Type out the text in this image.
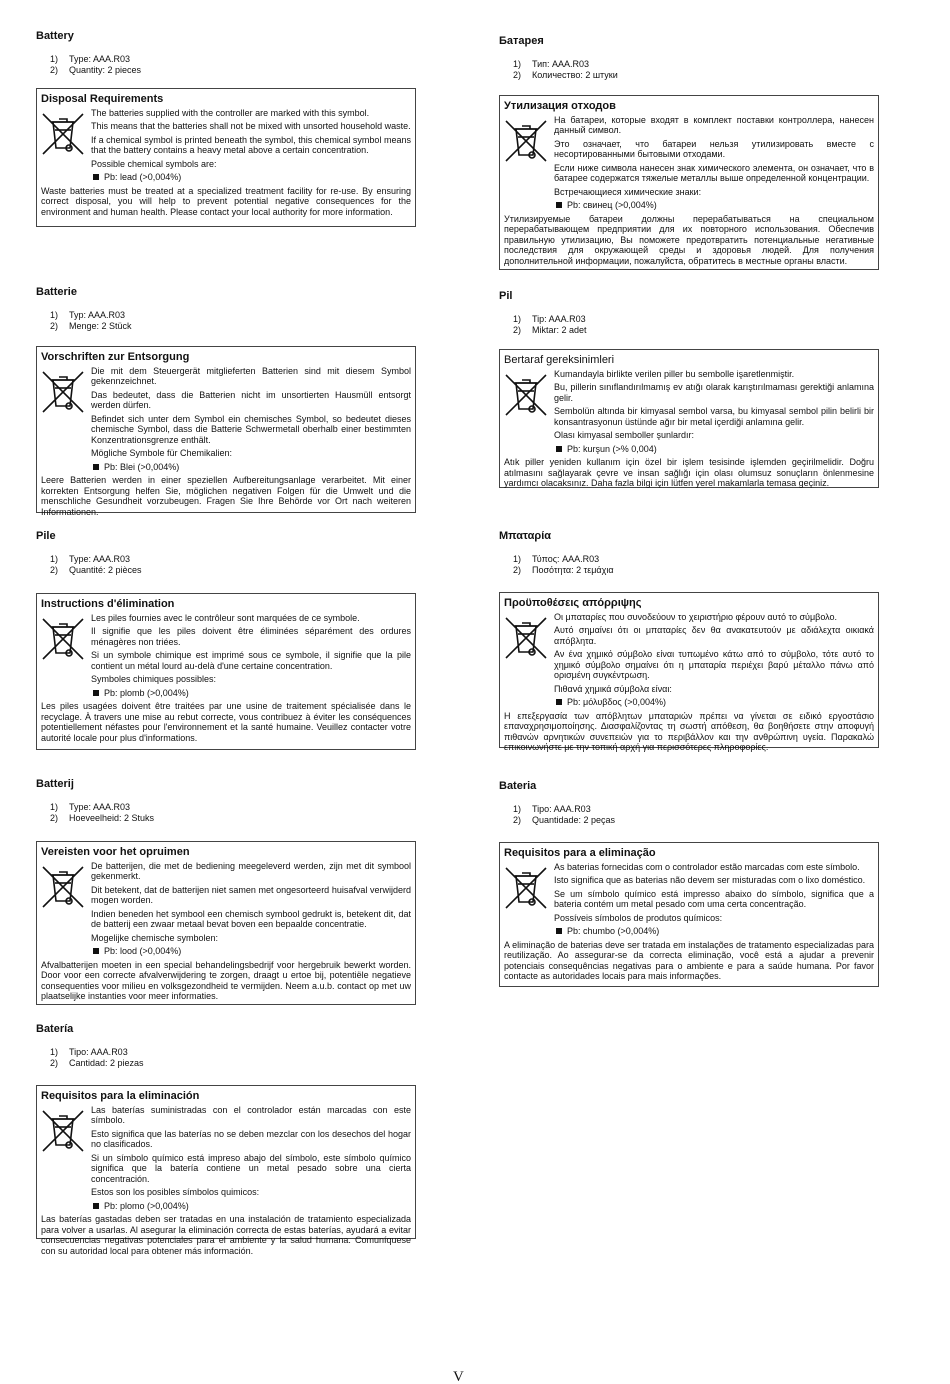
Battery
1)	Type: AAA.R03
2)	Quantity: 2 pieces
Disposal Requirements
The batteries supplied with the controller are marked with this symbol.
This means that the batteries shall not be mixed with unsorted household waste.
If a chemical symbol is printed beneath the symbol, this chemical symbol means that the battery contains a heavy metal above a certain concentration.
Possible chemical symbols are:
Pb: lead (>0,004%)
Waste batteries must be treated at a specialized treatment facility for re-use. By ensuring correct disposal, you will help to prevent potential negative consequences for the environment and human health. Please contact your local authority for more information.
Batterie
1)	Typ: AAA.R03
2)	Menge: 2 Stück
Vorschriften zur Entsorgung
Die mit dem Steuergerät mitglieferten Batterien sind mit diesem Symbol gekennzeichnet.
Das bedeutet, dass die Batterien nicht im unsortierten Hausmüll entsorgt werden dürfen.
Befindet sich unter dem Symbol ein chemisches Symbol, so bedeutet dieses chemische Symbol, dass die Batterie Schwermetall oberhalb einer bestimmten Konzentrationsgrenze enthält.
Mögliche Symbole für Chemikalien:
Pb: Blei (>0,004%)
Leere Batterien werden in einer speziellen Aufbereitungsanlage verarbeitet. Mit einer korrekten Entsorgung helfen Sie, möglichen negativen Folgen für die Umwelt und die menschliche Gesundheit vorzubeugen. Fragen Sie Ihre Behörde vor Ort nach weiteren Informationen.
Pile
1)	Type: AAA.R03
2)	Quantité: 2 pièces
Instructions d'élimination
Les piles fournies avec le contrôleur sont marquées de ce symbole.
Il signifie que les piles doivent être éliminées séparément des ordures ménagères non triées.
Si un symbole chimique est imprimé sous ce symbole, il signifie que la pile contient un métal lourd au-delà d'une certaine concentration.
Symboles chimiques possibles:
Pb: plomb (>0,004%)
Les piles usagées doivent être traitées par une usine de traitement spécialisée dans le recyclage. À travers une mise au rebut correcte, vous contribuez à éviter les conséquences potentiellement néfastes pour l'environnement et la santé humaine. Veuillez contacter votre autorité locale pour plus d'informations.
Batterij
1)	Type: AAA.R03
2)	Hoeveelheid: 2 Stuks
Vereisten voor het opruimen
De batterijen, die met de bediening meegeleverd werden, zijn met dit symbool gekenmerkt.
Dit betekent, dat de batterijen niet samen met ongesorteerd huisafval verwijderd mogen worden.
Indien beneden het symbool een chemisch symbool gedrukt is, betekent dit, dat de batterij een zwaar metaal bevat boven een bepaalde concentratie.
Mogelijke chemische symbolen:
Pb: lood (>0,004%)
Afvalbatterijen moeten in een special behandelingsbedrijf voor hergebruik bewerkt worden. Door voor een correcte afvalverwijdering te zorgen, draagt u ertoe bij, potentiële negatieve consequenties voor milieu en volksgezondheid te vermijden. Neem a.u.b. contact op met uw plaatselijke instanties voor meer informaties.
Batería
1)	Tipo: AAA.R03
2)	Cantidad: 2 piezas
Requisitos para la eliminación
Las baterías suministradas con el controlador están marcadas con este símbolo.
Esto significa que las baterías no se deben mezclar con los desechos del hogar no clasificados.
Si un símbolo químico está impreso abajo del símbolo, este símbolo químico significa que la batería contiene un metal pesado sobre una cierta concentración.
Estos son los posibles símbolos quimicos:
Pb: plomo (>0,004%)
Las baterías gastadas deben ser tratadas en una instalación de tratamiento especializada para volver a usarlas. Al asegurar la eliminación correcta de estas baterías, ayudará a evitar consecuencias negativas potenciales para el ambiente y la salud humana. Comuníquese con su autoridad local para obtener más información.
Батарея
1)	Тип: AAA.R03
2)	Количество: 2 штуки
Утилизация отходов
На батареи, которые входят в комплект поставки контроллера, нанесен данный символ.
Это означает, что батареи нельзя утилизировать вместе с несортированными бытовыми отходами.
Если ниже символа нанесен знак химического элемента, он означает, что в батарее содержатся тяжелые металлы выше определенной концентрации.
Встречающиеся химические знаки:
Pb: свинец (>0,004%)
Утилизируемые батареи должны перерабатываться на специальном перерабатывающем предприятии для их повторного использования. Обеспечив правильную утилизацию, Вы поможете предотвратить потенциальные негативные последствия для окружающей среды и здоровья людей. Для получения дополнительной информации, пожалуйста, обратитесь в местные органы власти.
Pil
1)	Tip: AAA.R03
2)	Miktar: 2 adet
Bertaraf gereksinimleri
Kumandayla birlikte verilen piller bu sembolle işaretlenmiştir.
Bu, pillerin sınıflandırılmamış ev atığı olarak karıştırılmaması gerektiği anlamına gelir.
Sembolün altında bir kimyasal sembol varsa, bu kimyasal sembol pilin belirli bir konsantrasyonun üstünde ağır bir metal içerdiği anlamına gelir.
Olası kimyasal semboller şunlardır:
Pb: kurşun (>% 0,004)
Atık piller yeniden kullanım için özel bir işlem tesisinde işlemden geçirilmelidir. Doğru atılmasını sağlayarak çevre ve insan sağlığı için olası olumsuz sonuçların önlenmesine yardımcı olacaksınız. Daha fazla bilgi için lütfen yerel makamlarla temasa geçiniz.
Μπαταρία
1)	Τύπος: AAA.R03
2)	Ποσότητα: 2 τεμάχια
Προϋποθέσεις απόρριψης
Οι μπαταρίες που συνοδεύουν το χειριστήριο φέρουν αυτό το σύμβολο.
Αυτό σημαίνει ότι οι μπαταρίες δεν θα ανακατευτούν με αδιάλεχτα οικιακά απόβλητα.
Αν ένα χημικό σύμβολο είναι τυπωμένο κάτω από το σύμβολο, τότε αυτό το χημικό σύμβολο σημαίνει ότι η μπαταρία περιέχει βαρύ μέταλλο πάνω από ορισμένη συγκέντρωση.
Πιθανά χημικά σύμβολα είναι:
Pb: μόλυβδος (>0,004%)
Η επεξεργασία των απόβλητων μπαταριών πρέπει να γίνεται σε ειδικό εργοστάσιο επαναχρησιμοποίησης. Διασφαλίζοντας τη σωστή απόθεση, θα βοηθήσετε στην αποφυγή πιθανών αρνητικών συνεπειών για το περιβάλλον και την ανθρώπινη υγεία. Παρακαλώ επικοινωνήστε με την τοπική αρχή για περισσότερες πληροφορίες.
Bateria
1)	Tipo: AAA.R03
2)	Quantidade: 2 peças
Requisitos para a eliminação
As baterias fornecidas com o controlador estão marcadas com este símbolo.
Isto significa que as baterias não devem ser misturadas com o lixo doméstico.
Se um símbolo químico está impresso abaixo do símbolo, significa que a bateria contém um metal pesado com uma certa concentração.
Possíveis símbolos de produtos químicos:
Pb: chumbo (>0,004%)
A eliminação de baterias deve ser tratada em instalações de tratamento especializadas para reutilização. Ao assegurar-se da correcta eliminação, você está a ajudar a prevenir potenciais consequências negativas para o ambiente e para a saúde humana. Por favor contacte as autoridades locais para mais informações.
V
